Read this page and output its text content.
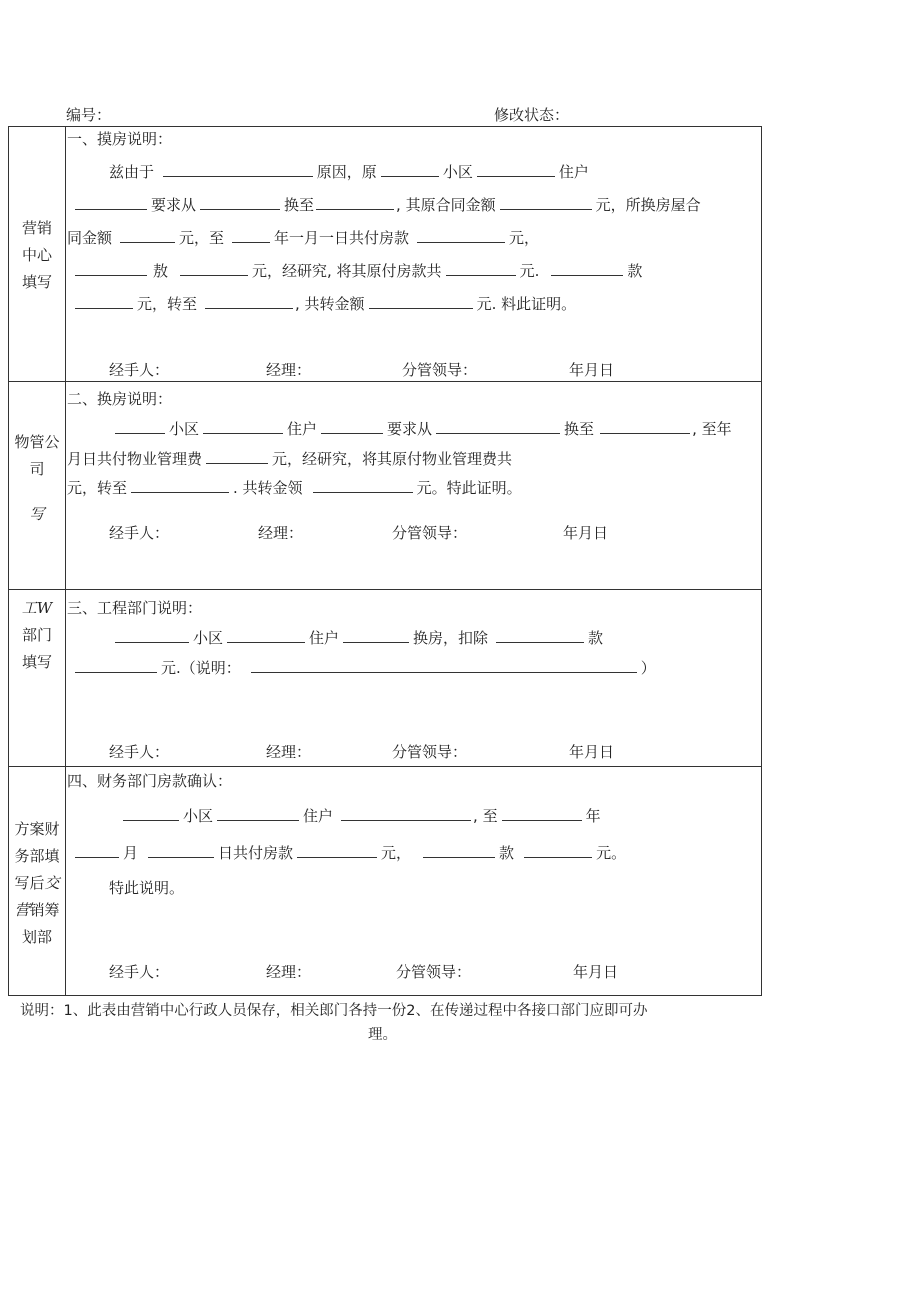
编号：	修改状态：
营销
中心
填写
一、摸房说明：
兹由于	原因，原	小区	住户
要求从	换至	, 其原合同金额	元，所换房屋合
同金额	元，至	年一月一日共付房款	元，
敖	元，经研究, 将其原付房款共	元.	款
元，转至	, 共转金额	元. 料此证明。
经手人：	经理：	分管领导：	年月日
物管公
司
写
二、换房说明：
小区	住户	要求从	换至	, 至年
月日共付物业管理费	元，经研究，将其原付物业管理费共
元，转至	. 共转金领	元。特此证明。
经手人：	经理：	分管领导：	年月日
工W
部门
填写
三、工程部门说明：
小区	住户	换房，扣除	款
元.（说明：	）
经手人：	经理：	分管领导：	年月日
方案财
务部填
写后交
营销筹
划部
四、财务部门房款确认：
小区	住户	, 至	年
月	日共付房款	元，	款	元。
特此说明。
经手人：	经理：	分管领导：	年月日
说明：1、此表由营销中心行政人员保存，相关郎门各持一份2、在传递过程中各接口部门应即可办
理。
